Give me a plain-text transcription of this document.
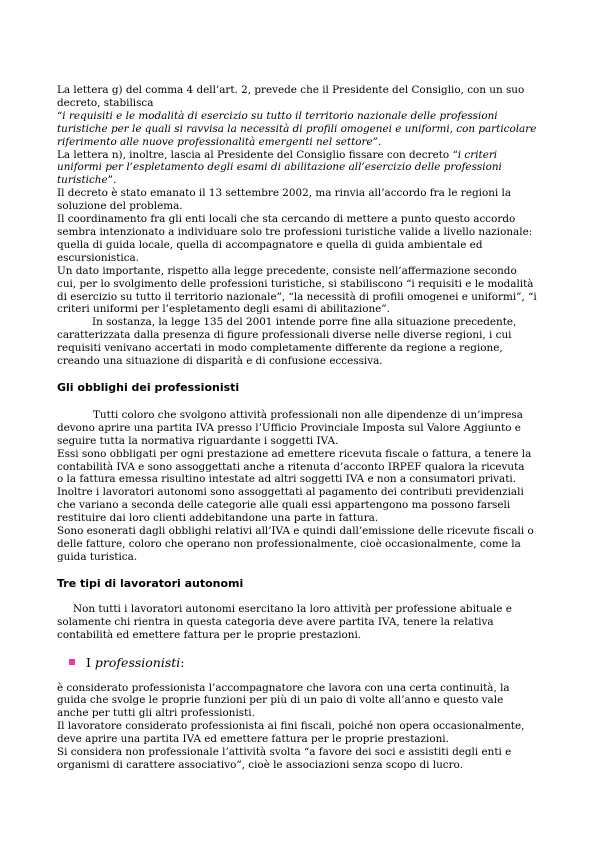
La lettera g) del comma 4 dell’art. 2, prevede che il Presidente del Consiglio, con un suo
decreto, stabilisca
“i requisiti e le modalità di esercizio su tutto il territorio nazionale delle professioni
turistiche per le quali si ravvisa la necessità di profili omogenei e uniformi, con particolare
riferimento alle nuove professionalità emergenti nel settore”.
La lettera n), inoltre, lascia al Presidente del Consiglio fissare con decreto “i criteri
uniformi per l’espletamento degli esami di abilitazione all’esercizio delle professioni
turistiche”.
Il decreto è stato emanato il 13 settembre 2002, ma rinvia all’accordo fra le regioni la
soluzione del problema.
Il coordinamento fra gli enti locali che sta cercando di mettere a punto questo accordo
sembra intenzionato a individuare solo tre professioni turistiche valide a livello nazionale:
quella di guida locale, quella di accompagnatore e quella di guida ambientale ed
escursionistica.
Un dato importante, rispetto alla legge precedente, consiste nell’affermazione secondo
cui, per lo svolgimento delle professioni turistiche, si stabiliscono “i requisiti e le modalità
di esercizio su tutto il territorio nazionale”, “la necessità di profili omogenei e uniformi”, “i
criteri uniformi per l’espletamento degli esami di abilitazione”.
In sostanza, la legge 135 del 2001 intende porre fine alla situazione precedente,
caratterizzata dalla presenza di figure professionali diverse nelle diverse regioni, i cui
requisiti venivano accertati in modo completamente differente da regione a regione,
creando una situazione di disparità e di confusione eccessiva.
Gli obblighi dei professionisti
Tutti coloro che svolgono attività professionali non alle dipendenze di un’impresa
devono aprire una partita IVA presso l’Ufficio Provinciale Imposta sul Valore Aggiunto e
seguire tutta la normativa riguardante i soggetti IVA.
Essi sono obbligati per ogni prestazione ad emettere ricevuta fiscale o fattura, a tenere la
contabilità IVA e sono assoggettati anche a ritenuta d’acconto IRPEF qualora la ricevuta
o la fattura emessa risultino intestate ad altri soggetti IVA e non a consumatori privati.
Inoltre i lavoratori autonomi sono assoggettati al pagamento dei contributi previdenziali
che variano a seconda delle categorie alle quali essi appartengono ma possono farseli
restituire dai loro clienti addebitandone una parte in fattura.
Sono esonerati dagli obblighi relativi all’IVA e quindi dall’emissione delle ricevute fiscali o
delle fatture, coloro che operano non professionalmente, cioè occasionalmente, come la
guida turistica.
Tre tipi di lavoratori autonomi
Non tutti i lavoratori autonomi esercitano la loro attività per professione abituale e
solamente chi rientra in questa categoria deve avere partita IVA, tenere la relativa
contabilità ed emettere fattura per le proprie prestazioni.
I professionisti :
è considerato professionista l’accompagnatore che lavora con una certa continuità, la
guida che svolge le proprie funzioni per più di un paio di volte all’anno e questo vale
anche per tutti gli altri professionisti.
Il lavoratore considerato professionista ai fini fiscali, poiché non opera occasionalmente,
deve aprire una partita IVA ed emettere fattura per le proprie prestazioni.
Si considera non professionale l’attività svolta “a favore dei soci e assistiti degli enti e
organismi di carattere associativo”, cioè le associazioni senza scopo di lucro.
